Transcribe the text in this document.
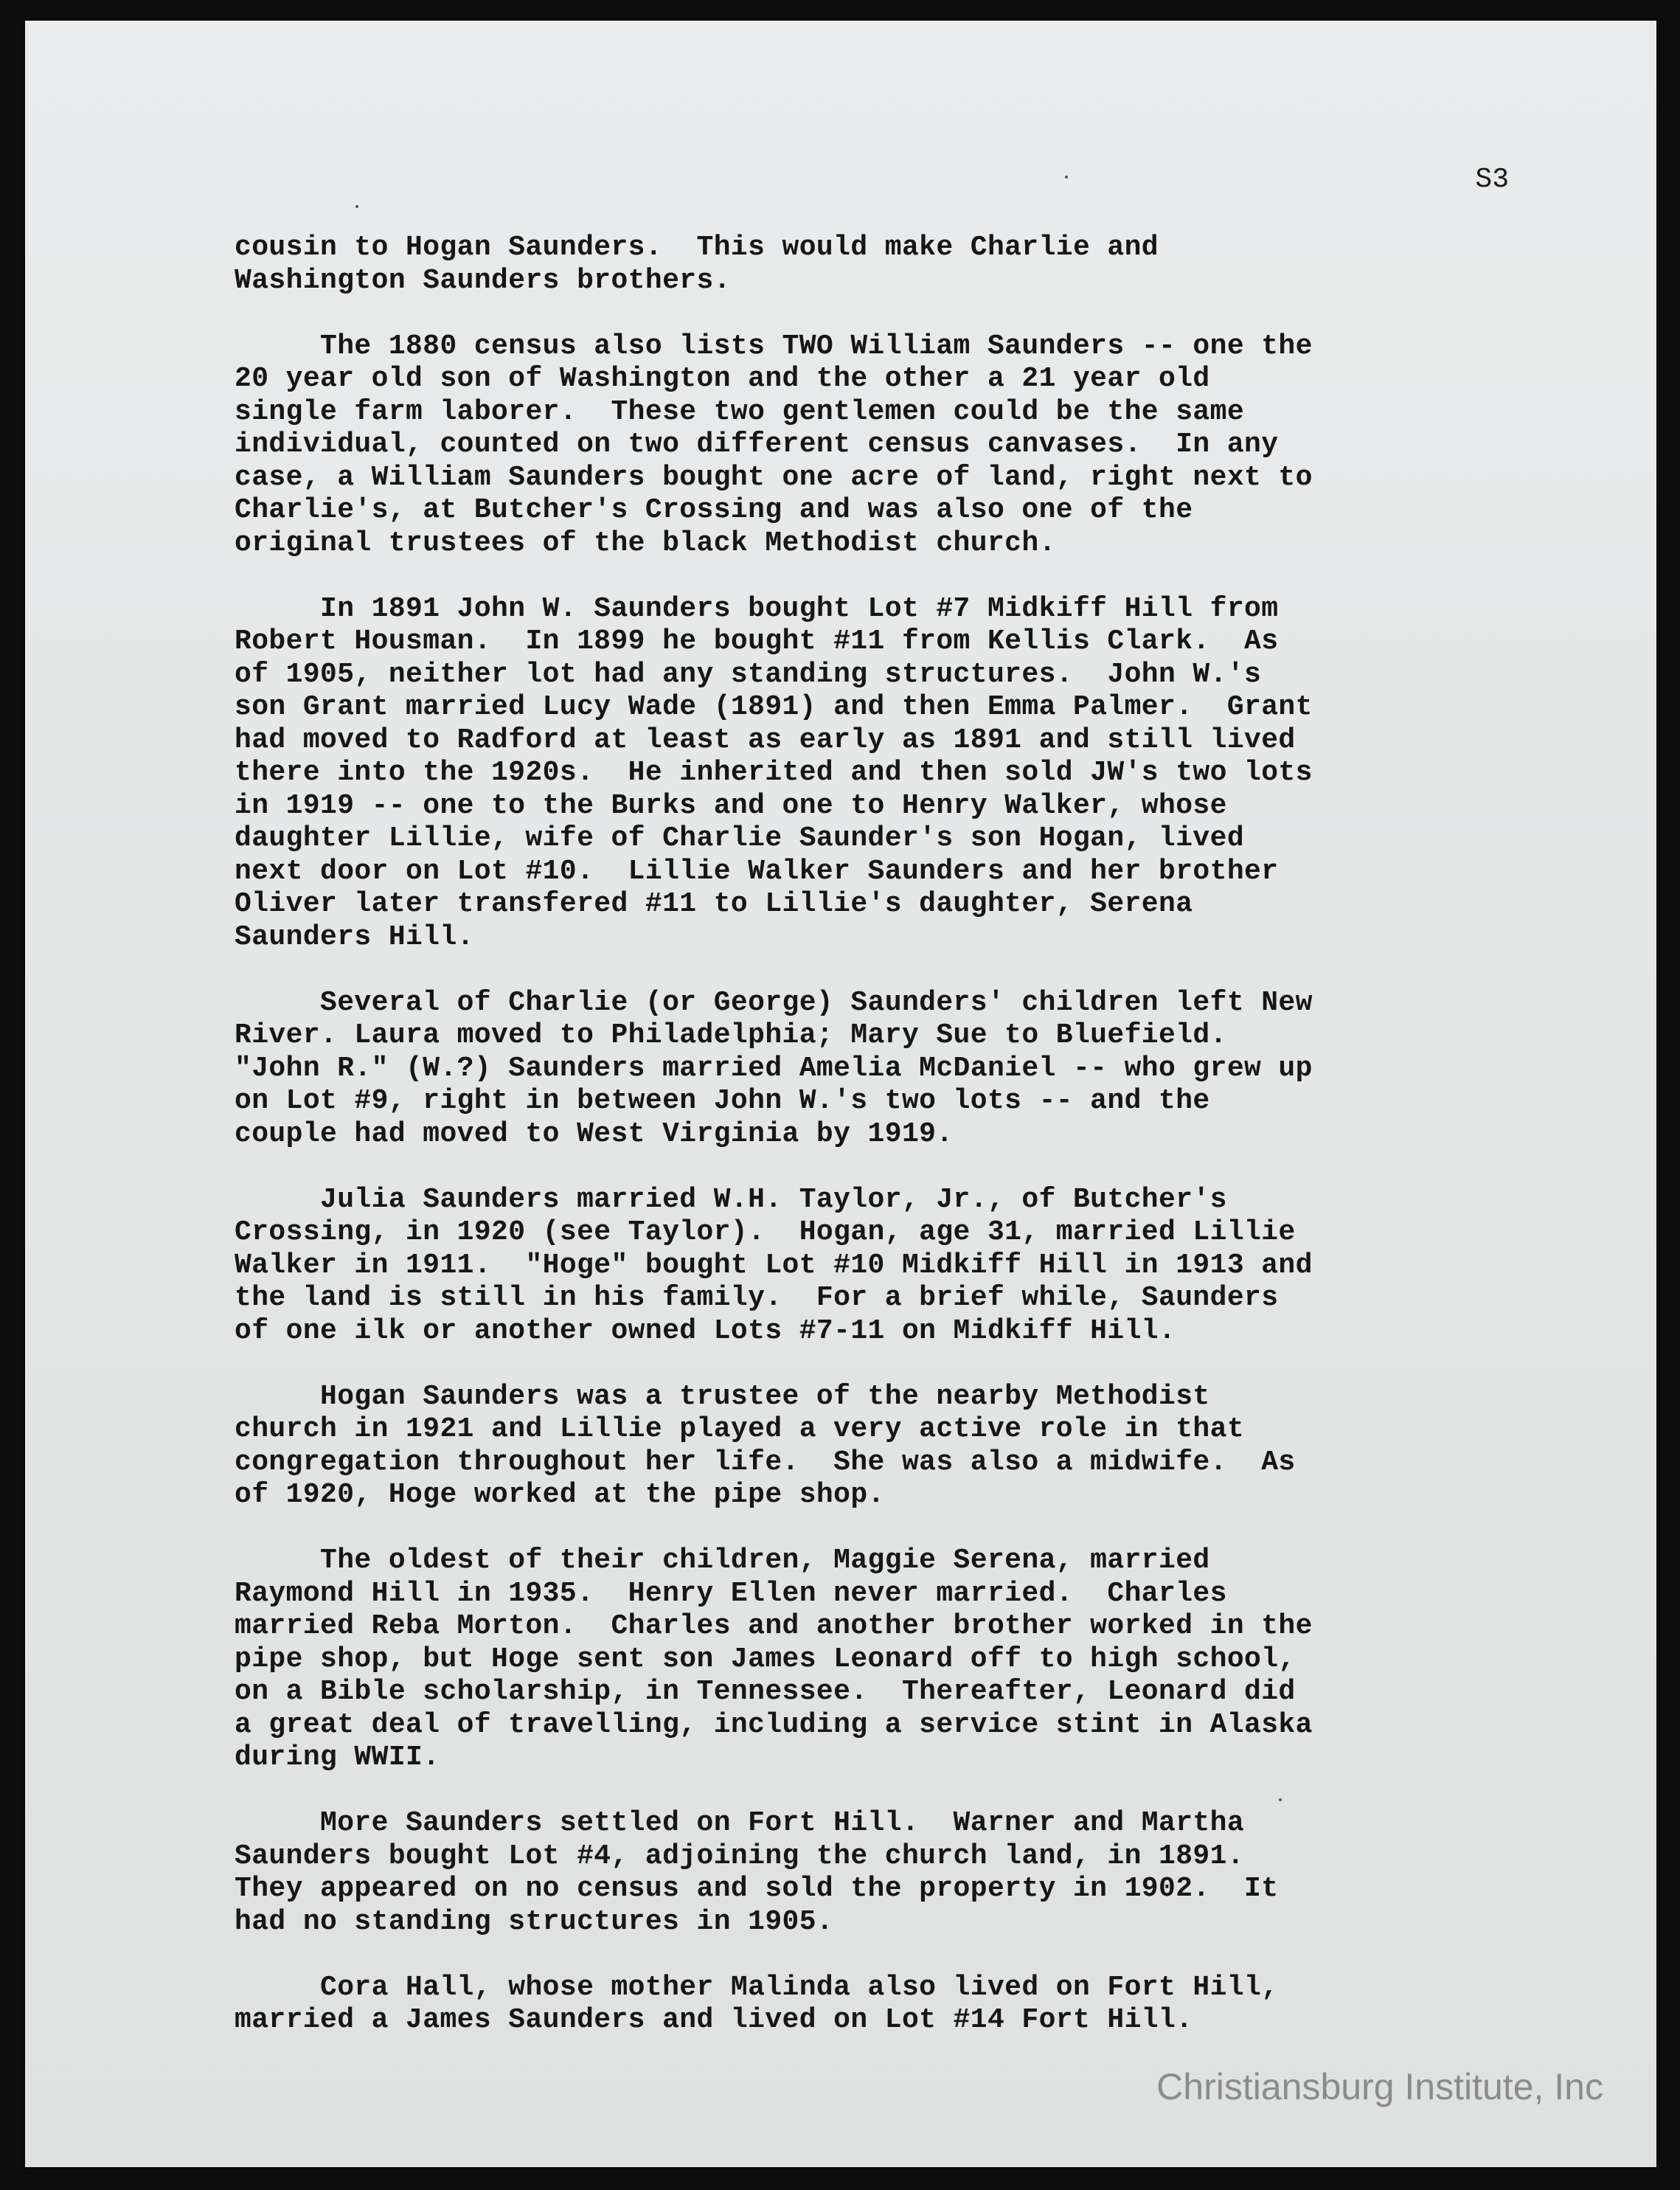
S3
cousin to Hogan Saunders.  This would make Charlie and
Washington Saunders brothers.
The 1880 census also lists TWO William Saunders -- one the
20 year old son of Washington and the other a 21 year old
single farm laborer.  These two gentlemen could be the same
individual, counted on two different census canvases.  In any
case, a William Saunders bought one acre of land, right next to
Charlie's, at Butcher's Crossing and was also one of the
original trustees of the black Methodist church.
In 1891 John W. Saunders bought Lot #7 Midkiff Hill from
Robert Housman.  In 1899 he bought #11 from Kellis Clark.  As
of 1905, neither lot had any standing structures.  John W.'s
son Grant married Lucy Wade (1891) and then Emma Palmer.  Grant
had moved to Radford at least as early as 1891 and still lived
there into the 1920s.  He inherited and then sold JW's two lots
in 1919 -- one to the Burks and one to Henry Walker, whose
daughter Lillie, wife of Charlie Saunder's son Hogan, lived
next door on Lot #10.  Lillie Walker Saunders and her brother
Oliver later transfered #11 to Lillie's daughter, Serena
Saunders Hill.
Several of Charlie (or George) Saunders' children left New
River. Laura moved to Philadelphia; Mary Sue to Bluefield.
"John R." (W.?) Saunders married Amelia McDaniel -- who grew up
on Lot #9, right in between John W.'s two lots -- and the
couple had moved to West Virginia by 1919.
Julia Saunders married W.H. Taylor, Jr., of Butcher's
Crossing, in 1920 (see Taylor).  Hogan, age 31, married Lillie
Walker in 1911.  "Hoge" bought Lot #10 Midkiff Hill in 1913 and
the land is still in his family.  For a brief while, Saunders
of one ilk or another owned Lots #7-11 on Midkiff Hill.
Hogan Saunders was a trustee of the nearby Methodist
church in 1921 and Lillie played a very active role in that
congregation throughout her life.  She was also a midwife.  As
of 1920, Hoge worked at the pipe shop.
The oldest of their children, Maggie Serena, married
Raymond Hill in 1935.  Henry Ellen never married.  Charles
married Reba Morton.  Charles and another brother worked in the
pipe shop, but Hoge sent son James Leonard off to high school,
on a Bible scholarship, in Tennessee.  Thereafter, Leonard did
a great deal of travelling, including a service stint in Alaska
during WWII.
More Saunders settled on Fort Hill.  Warner and Martha
Saunders bought Lot #4, adjoining the church land, in 1891.
They appeared on no census and sold the property in 1902.  It
had no standing structures in 1905.
Cora Hall, whose mother Malinda also lived on Fort Hill,
married a James Saunders and lived on Lot #14 Fort Hill.
Christiansburg Institute, Inc
